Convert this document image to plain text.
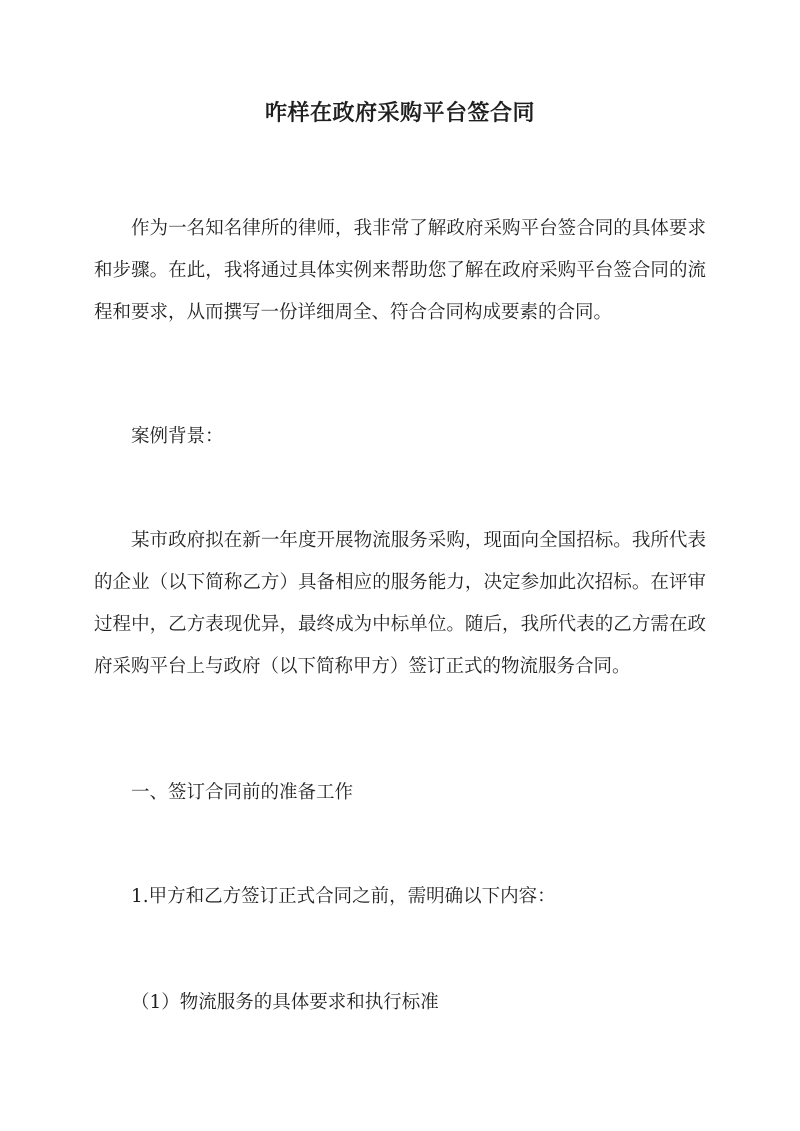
咋样在政府采购平台签合同

作为一名知名律所的律师，我非常了解政府采购平台签合同的具体要求和步骤。在此，我将通过具体实例来帮助您了解在政府采购平台签合同的流程和要求，从而撰写一份详细周全、符合合同构成要素的合同。

案例背景：

某市政府拟在新一年度开展物流服务采购，现面向全国招标。我所代表的企业（以下简称乙方）具备相应的服务能力，决定参加此次招标。在评审过程中，乙方表现优异，最终成为中标单位。随后，我所代表的乙方需在政府采购平台上与政府（以下简称甲方）签订正式的物流服务合同。

一、签订合同前的准备工作

1.甲方和乙方签订正式合同之前，需明确以下内容：

（1）物流服务的具体要求和执行标准
